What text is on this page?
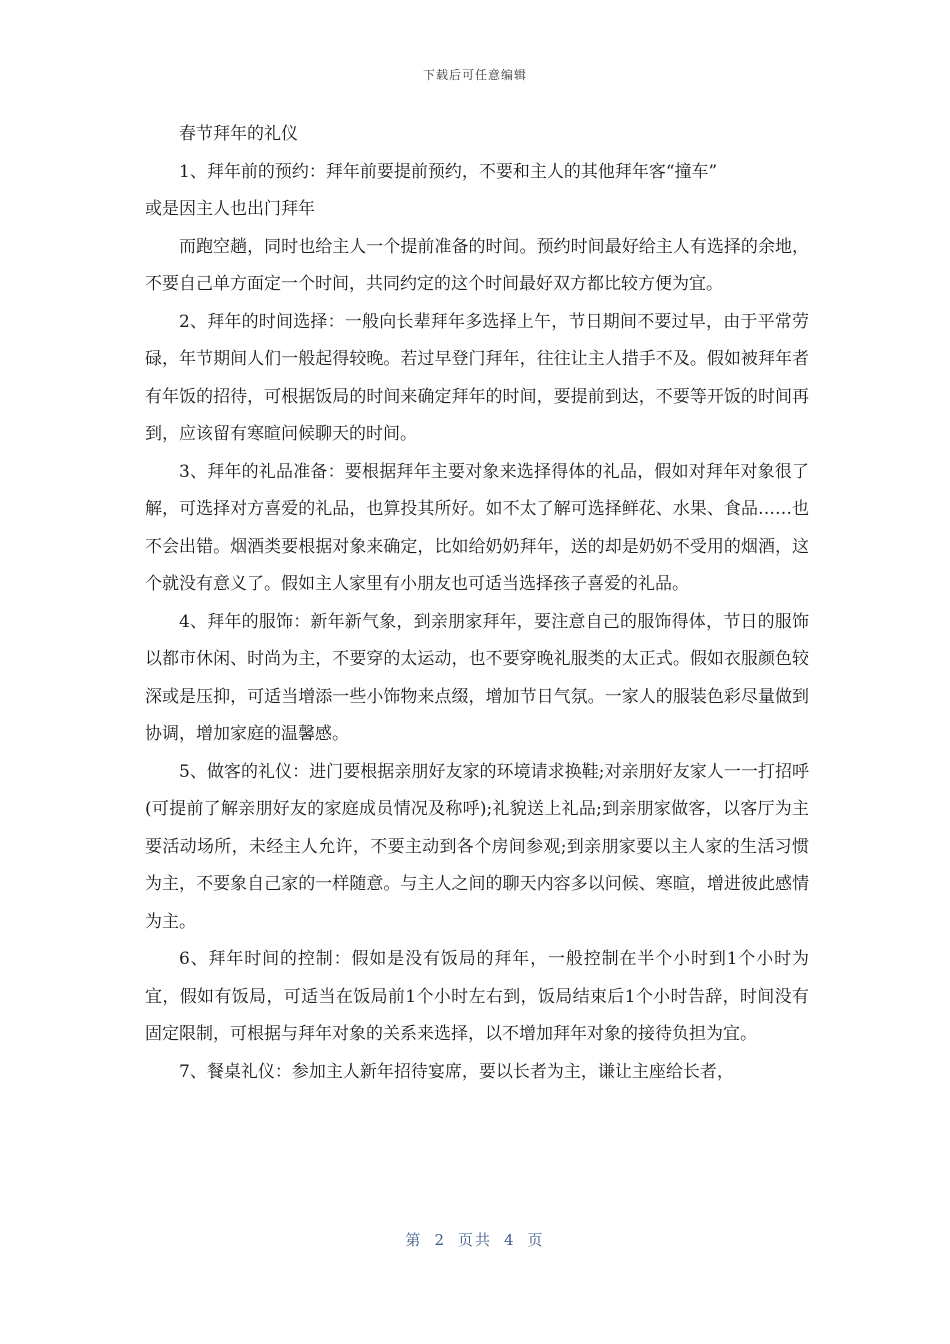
下载后可任意编辑

春节拜年的礼仪

1、拜年前的预约：拜年前要提前预约，不要和主人的其他拜年客“撞车”

或是因主人也出门拜年

而跑空趟，同时也给主人一个提前准备的时间。预约时间最好给主人有选择的余地，不要自己单方面定一个时间，共同约定的这个时间最好双方都比较方便为宜。

2、拜年的时间选择：一般向长辈拜年多选择上午，节日期间不要过早，由于平常劳碌，年节期间人们一般起得较晚。若过早登门拜年，往往让主人措手不及。假如被拜年者有年饭的招待，可根据饭局的时间来确定拜年的时间，要提前到达，不要等开饭的时间再到，应该留有寒暄问候聊天的时间。

3、拜年的礼品准备：要根据拜年主要对象来选择得体的礼品，假如对拜年对象很了解，可选择对方喜爱的礼品，也算投其所好。如不太了解可选择鲜花、水果、食品……也不会出错。烟酒类要根据对象来确定，比如给奶奶拜年，送的却是奶奶不受用的烟酒，这个就没有意义了。假如主人家里有小朋友也可适当选择孩子喜爱的礼品。

4、拜年的服饰：新年新气象，到亲朋家拜年，要注意自己的服饰得体，节日的服饰以都市休闲、时尚为主，不要穿的太运动，也不要穿晚礼服类的太正式。假如衣服颜色较深或是压抑，可适当增添一些小饰物来点缀，增加节日气氛。一家人的服装色彩尽量做到协调，增加家庭的温馨感。

5、做客的礼仪：进门要根据亲朋好友家的环境请求换鞋;对亲朋好友家人一一打招呼(可提前了解亲朋好友的家庭成员情况及称呼);礼貌送上礼品;到亲朋家做客，以客厅为主要活动场所，未经主人允许，不要主动到各个房间参观;到亲朋家要以主人家的生活习惯为主，不要象自己家的一样随意。与主人之间的聊天内容多以问候、寒暄，增进彼此感情为主。

6、拜年时间的控制：假如是没有饭局的拜年，一般控制在半个小时到1个小时为宜，假如有饭局，可适当在饭局前1个小时左右到，饭局结束后1个小时告辞，时间没有固定限制，可根据与拜年对象的关系来选择，以不增加拜年对象的接待负担为宜。

7、餐桌礼仪：参加主人新年招待宴席，要以长者为主，谦让主座给长者，

第 2 页共 4 页
